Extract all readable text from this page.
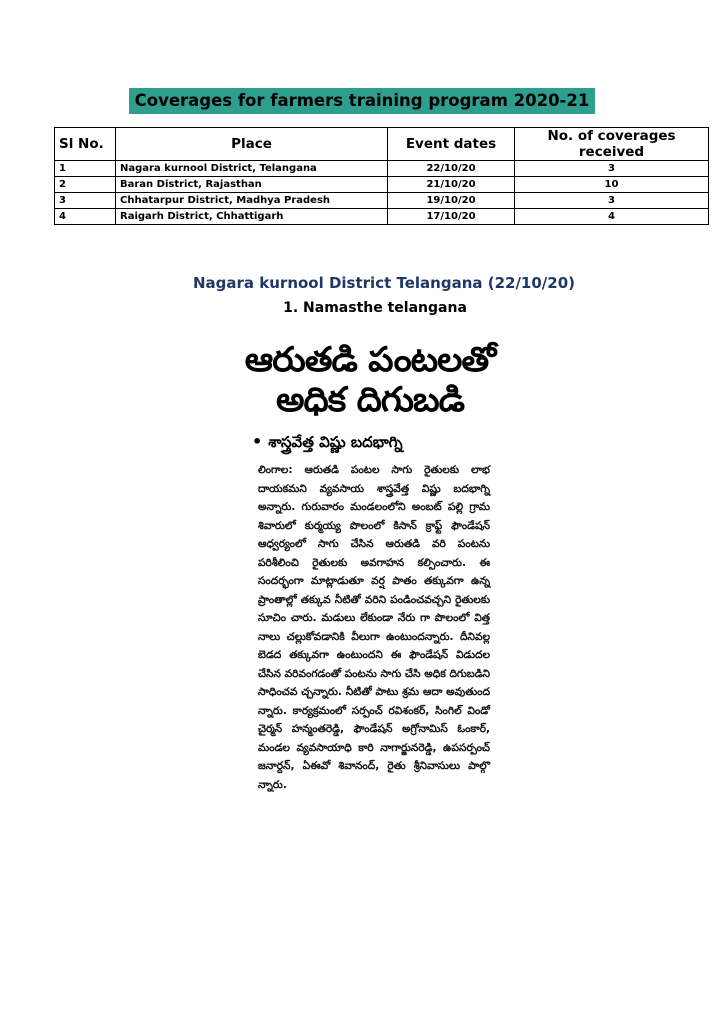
Coverages for farmers training program 2020-21
Sl No.	Place	Event dates	No. of coverages received
1	Nagara kurnool District, Telangana	22/10/20	3
2	Baran District, Rajasthan	21/10/20	10
3	Chhatarpur District, Madhya Pradesh	19/10/20	3
4	Raigarh District, Chhattigarh	17/10/20	4
Nagara kurnool District Telangana (22/10/20)
1. Namasthe telangana
ఆరుతడి పంటలతో
అధిక దిగుబడి
• శాస్త్రవేత్త విష్ణు బదభాగ్ని
లింగాల: ఆరుతడి పంటల సాగు రైతులకు లాభ దాయకమని వ్యవసాయ శాస్త్రవేత్త విష్ణు బదభాగ్ని అన్నారు. గురువారం మండలంలోని అంబట్‌ పల్లి గ్రామ శివారులో కుర్మయ్య పొలంలో కిసాన్‌ క్రాఫ్ట్‌ ఫౌండేషన్‌ ఆధ్వర్యంలో సాగు చేసిన ఆరుతడి వరి పంటను పరిశీలించి రైతులకు అవగాహన కల్పించారు. ఈ సందర్భంగా మాట్లాడుతూ వర్ష పాతం తక్కువగా ఉన్న ప్రాంతాల్లో తక్కువ నీటితో వరిని పండించవచ్చని రైతులకు సూచిం చారు. మడులు లేకుండా నేరు గా పొలంలో విత్త నాలు చల్లుకోవడానికి వీలుగా ఉంటుందన్నారు. దీనివల్ల బెడద తక్కువగా ఉంటుందని ఈ ఫౌండేషన్‌ విడుదల చేసిన వరివంగడంతో పంటను సాగు చేసి అధిక దిగుబడిని సాధించవ చ్చన్నారు. నీటితో పాటు శ్రమ ఆదా అవుతుంద న్నారు. కార్యక్రమంలో సర్పంచ్‌ రవిశంకర్‌, సింగిల్‌ విండో చైర్మన్‌ హన్మంతరెడ్డి, ఫౌండేషన్‌ అగ్రోనామిస్‌ ఓంకార్‌, మండల వ్యవసాయాధి కారి నాగార్జునరెడ్డి, ఉపసర్పంచ్‌ జనార్దన్‌, ఏఈవో శివానంద్‌, రైతు శ్రీనివాసులు పాల్గొ న్నారు.
